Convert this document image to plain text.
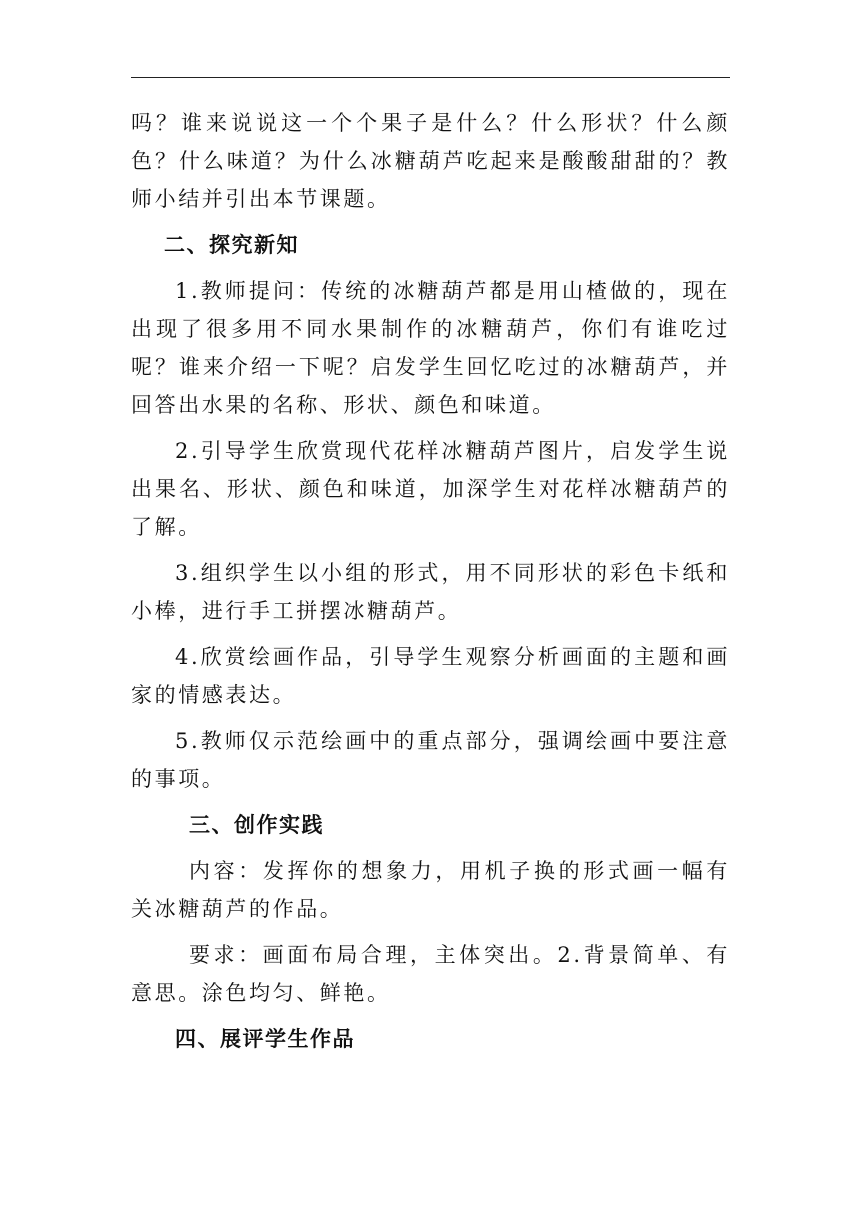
吗？谁来说说这一个个果子是什么？什么形状？什么颜色？什么味道？为什么冰糖葫芦吃起来是酸酸甜甜的？教师小结并引出本节课题。

二、探究新知

1.教师提问：传统的冰糖葫芦都是用山楂做的，现在出现了很多用不同水果制作的冰糖葫芦，你们有谁吃过呢？谁来介绍一下呢？启发学生回忆吃过的冰糖葫芦，并回答出水果的名称、形状、颜色和味道。

2.引导学生欣赏现代花样冰糖葫芦图片，启发学生说出果名、形状、颜色和味道，加深学生对花样冰糖葫芦的了解。

3.组织学生以小组的形式，用不同形状的彩色卡纸和小棒，进行手工拼摆冰糖葫芦。

4.欣赏绘画作品，引导学生观察分析画面的主题和画家的情感表达。

5.教师仅示范绘画中的重点部分，强调绘画中要注意的事项。

三、创作实践

内容：发挥你的想象力，用机子换的形式画一幅有关冰糖葫芦的作品。

要求：画面布局合理，主体突出。2.背景简单、有意思。涂色均匀、鲜艳。

四、展评学生作品
